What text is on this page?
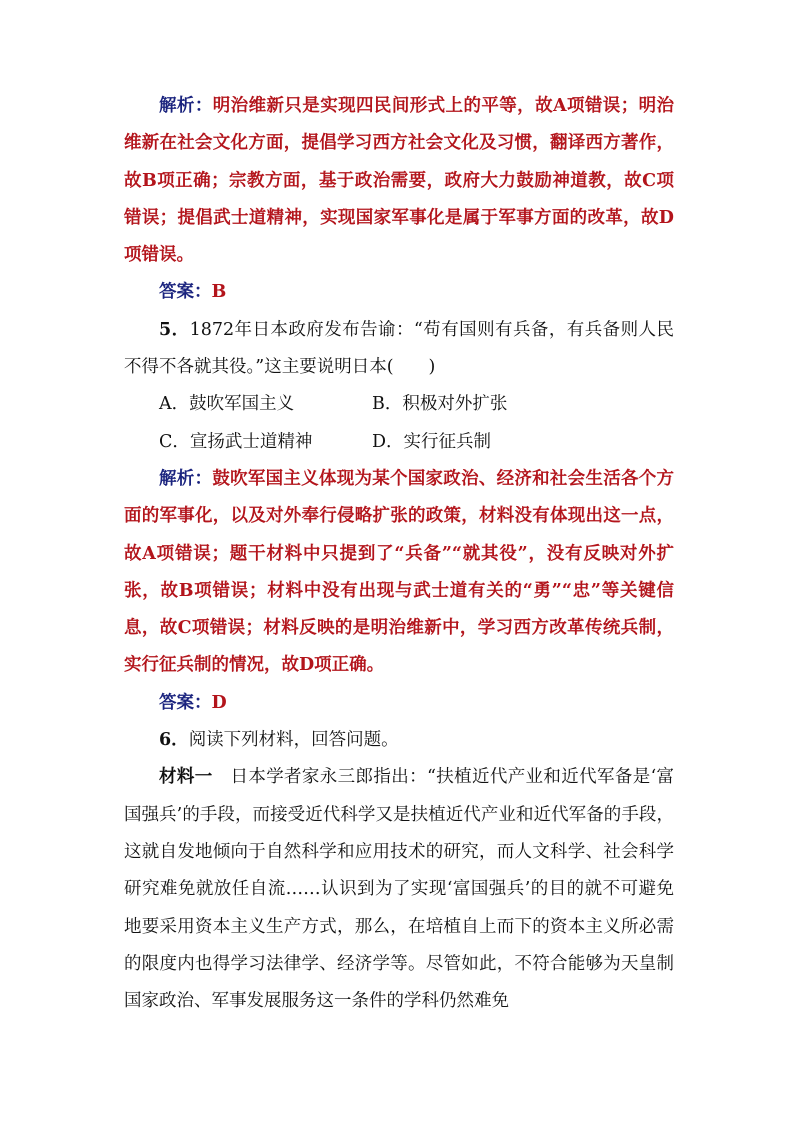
解析：明治维新只是实现四民间形式上的平等，故A项错误；明治维新在社会文化方面，提倡学习西方社会文化及习惯，翻译西方著作，故B项正确；宗教方面，基于政治需要，政府大力鼓励神道教，故C项错误；提倡武士道精神，实现国家军事化是属于军事方面的改革，故D项错误。

答案：B

5．1872年日本政府发布告谕：“苟有国则有兵备，有兵备则人民不得不各就其役。”这主要说明日本(　　)

A．鼓吹军国主义	B．积极对外扩张
C．宣扬武士道精神	D．实行征兵制

解析：鼓吹军国主义体现为某个国家政治、经济和社会生活各个方面的军事化，以及对外奉行侵略扩张的政策，材料没有体现出这一点，故A项错误；题干材料中只提到了“兵备”“就其役”，没有反映对外扩张，故B项错误；材料中没有出现与武士道有关的“勇”“忠”等关键信息，故C项错误；材料反映的是明治维新中，学习西方改革传统兵制，实行征兵制的情况，故D项正确。

答案：D

6．阅读下列材料，回答问题。

材料一　 日本学者家永三郎指出：“扶植近代产业和近代军备是‘富国强兵’的手段，而接受近代科学又是扶植近代产业和近代军备的手段，这就自发地倾向于自然科学和应用技术的研究，而人文科学、社会科学研究难免就放任自流……认识到为了实现‘富国强兵’的目的就不可避免地要采用资本主义生产方式，那么，在培植自上而下的资本主义所必需的限度内也得学习法律学、经济学等。尽管如此，不符合能够为天皇制国家政治、军事发展服务这一条件的学科仍然难免
